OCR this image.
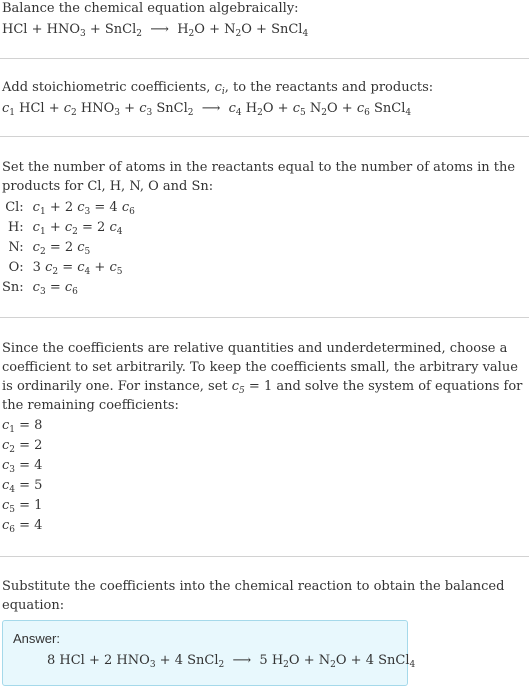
Balance the chemical equation algebraically:
HCl + $HNO_3$ + SnCl$_2$  ⟶  $H_2O + N_2O$ + SnCl$_4$
Add stoichiometric coefficients, $c_i$, to the reactants and products:
$c_1$ HCl + $c_2$ $HNO_3 + c_3$ SnCl$_2$  ⟶  $c_4$ $H_2O + c_5$ $N_2O + c_6$ SnCl$_4$
Set the number of atoms in the reactants equal to the number of atoms in the products for Cl, H, N, O and Sn:
Cl:	$c_1 + 2$ $c_3 = 4$ $c_6$
H:	$c_1 + c_2 = 2$ $c_4$
N:	$c_2 = 2$ $c_5$
O:	3 $c_2 = c_4 + c_5$
Sn:	$c_3 = c_6$
Since the coefficients are relative quantities and underdetermined, choose a coefficient to set arbitrarily. To keep the coefficients small, the arbitrary value is ordinarily one. For instance, set $c_5 = 1$ and solve the system of equations for the remaining coefficients:
$c_1 = 8$
$c_2 = 2$
$c_3 = 4$
$c_4 = 5$
$c_5 = 1$
$c_6 = 4$
Substitute the coefficients into the chemical reaction to obtain the balanced equation:
Answer:
8 HCl + 2 $HNO_3 + 4$ SnCl$_2$  ⟶  5 $H_2O + N_2O + 4$ SnCl$_4$
